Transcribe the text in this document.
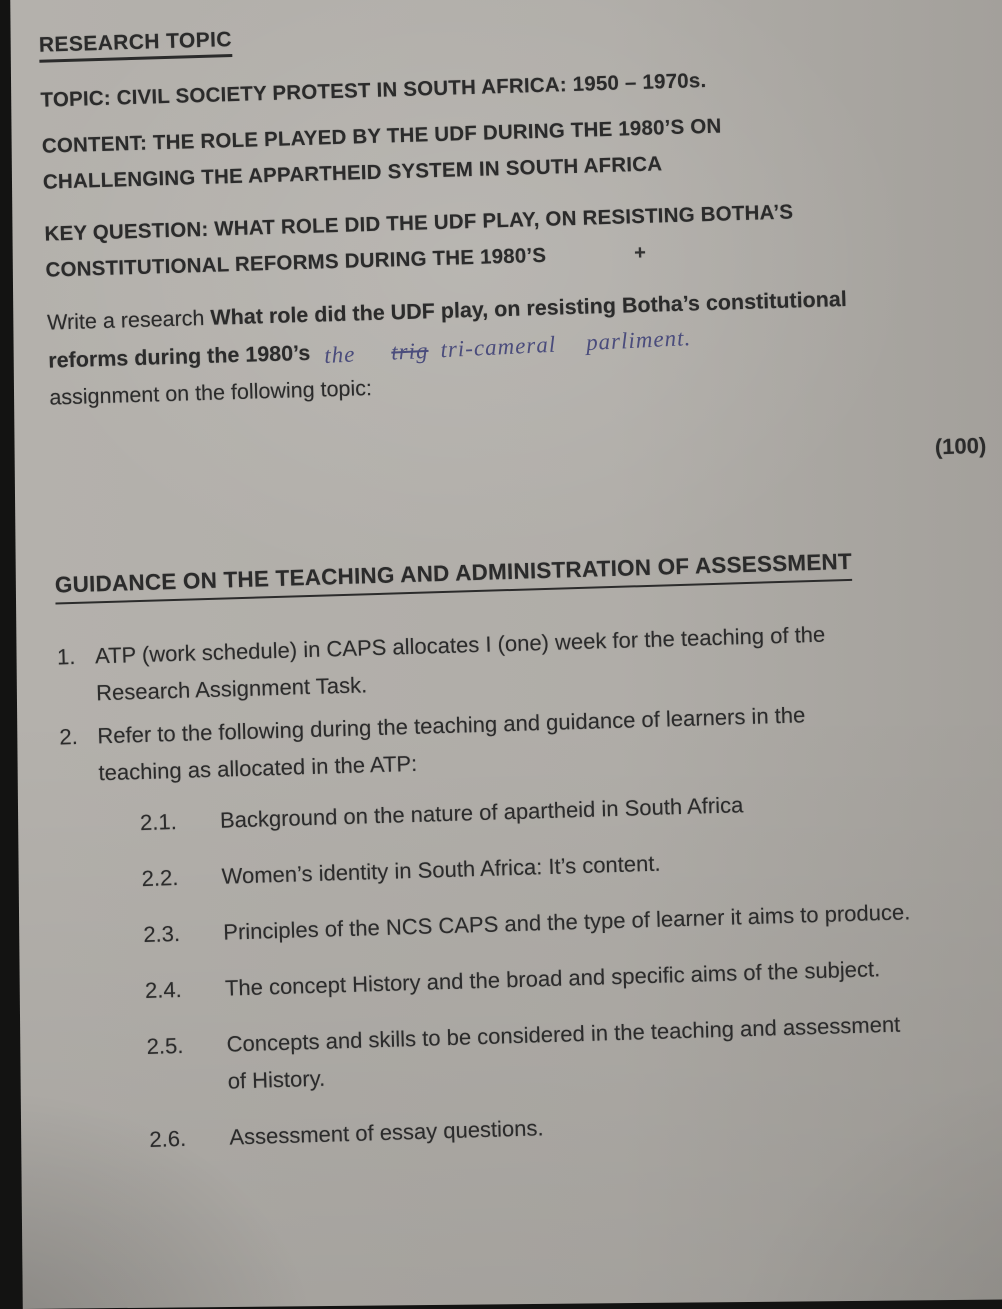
RESEARCH TOPIC
TOPIC: CIVIL SOCIETY PROTEST IN SOUTH AFRICA: 1950 – 1970s.
CONTENT: THE ROLE PLAYED BY THE UDF DURING THE 1980’S ON
CHALLENGING THE APPARTHEID SYSTEM IN SOUTH AFRICA
KEY QUESTION: WHAT ROLE DID THE UDF PLAY, ON RESISTING BOTHA’S
CONSTITUTIONAL REFORMS DURING THE 1980’S	+
Write a research What role did the UDF play, on resisting Botha’s constitutional
reforms during the 1980’s the trig tri-cameral parliment.
assignment on the following topic:
(100)
GUIDANCE ON THE TEACHING AND ADMINISTRATION OF ASSESSMENT
1. ATP (work schedule) in CAPS allocates I (one) week for the teaching of the
Research Assignment Task.
2. Refer to the following during the teaching and guidance of learners in the
teaching as allocated in the ATP:
2.1.	Background on the nature of apartheid in South Africa
2.2.	Women’s identity in South Africa: It’s content.
2.3.	Principles of the NCS CAPS and the type of learner it aims to produce.
2.4.	The concept History and the broad and specific aims of the subject.
2.5.	Concepts and skills to be considered in the teaching and assessment
of History.
2.6.	Assessment of essay questions.
